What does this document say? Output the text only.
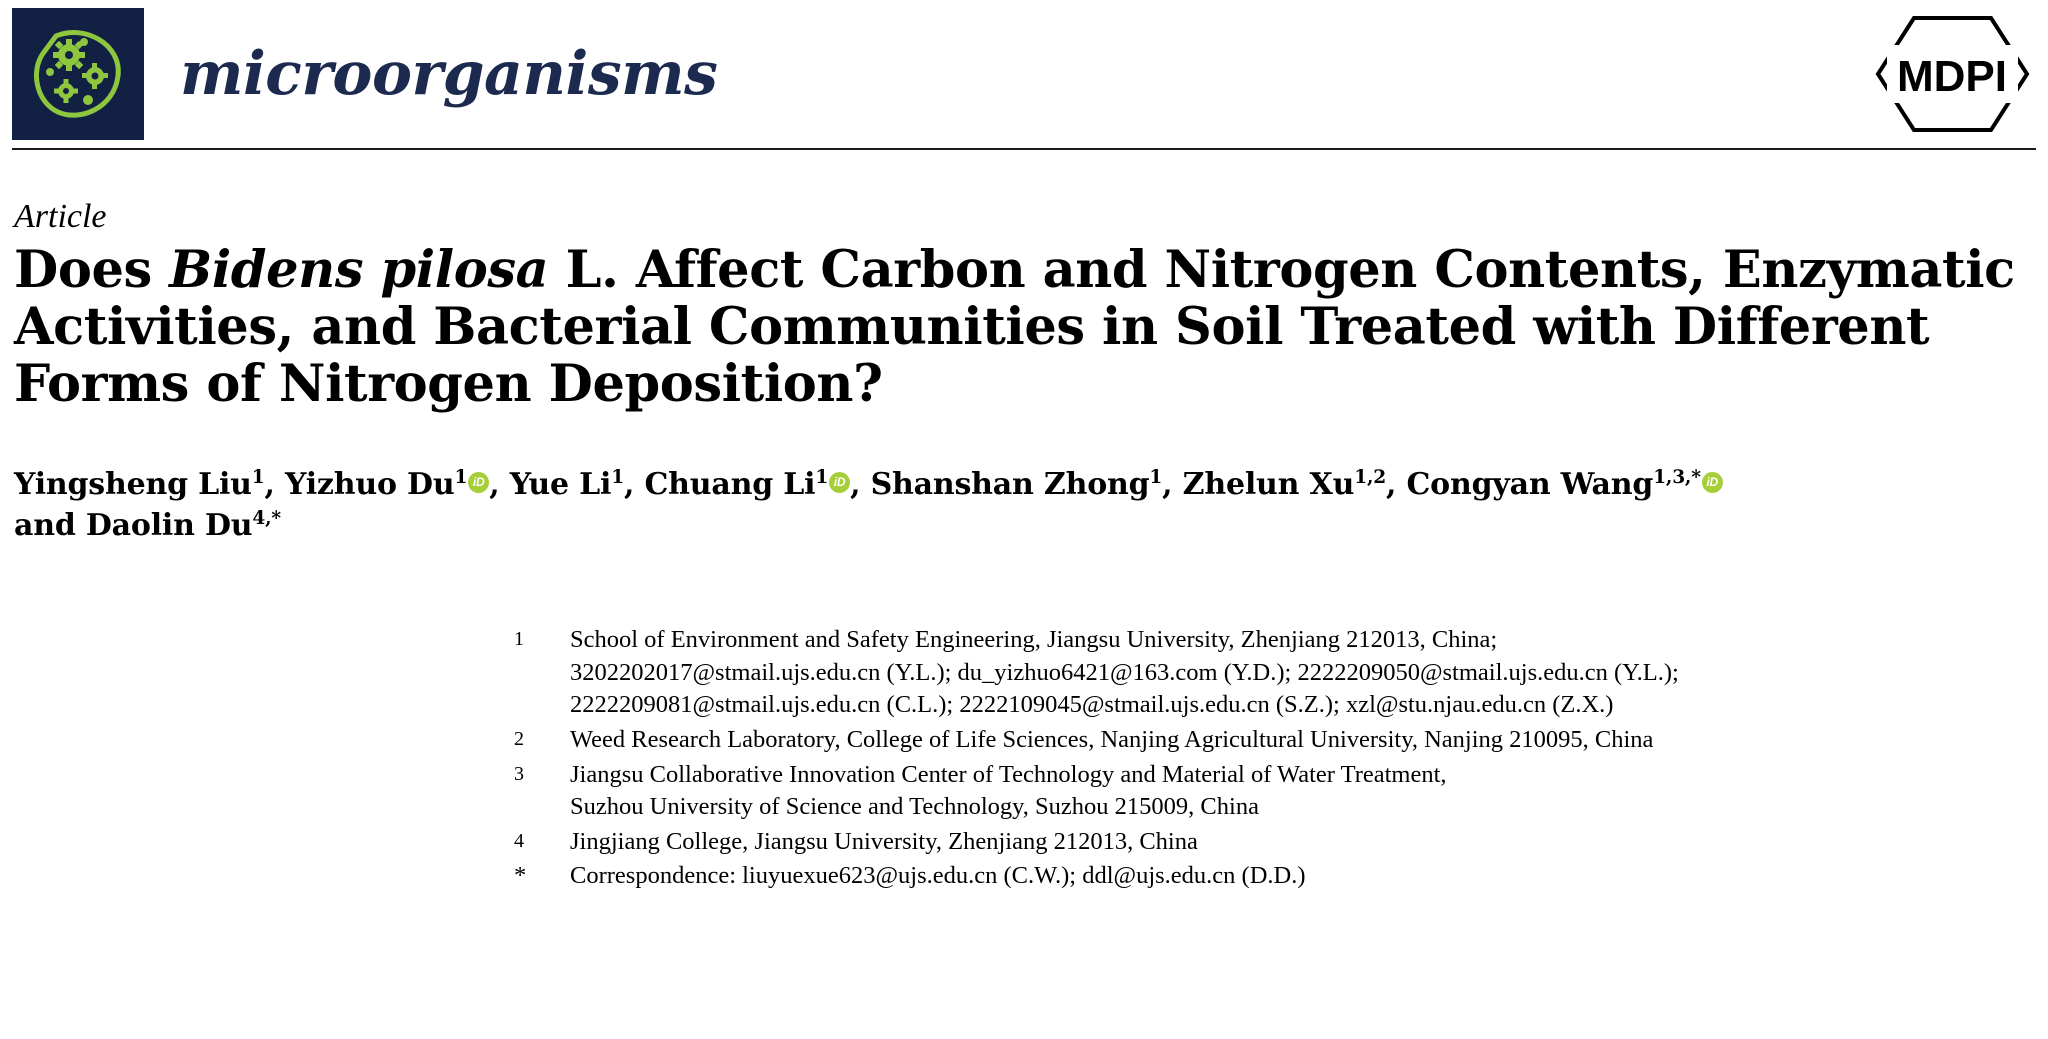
microorganisms	MDPI
Article
Does Bidens pilosa L. Affect Carbon and Nitrogen Contents, Enzymatic Activities, and Bacterial Communities in Soil Treated with Different Forms of Nitrogen Deposition?
Yingsheng Liu$^1$, Yizhuo Du$^1$ iD , Yue Li$^1$, Chuang Li$^1$ iD , Shanshan Zhong$^1$, Zhelun Xu$^{1,2}$, Congyan Wang$^{1,3,*}$ iD
and Daolin $Du^{4,*}$
1	School of Environment and Safety Engineering, Jiangsu University, Zhenjiang 212013, China;
3202202017@stmail.ujs.edu.cn (Y.L.); du_yizhuo6421@163.com (Y.D.); 2222209050@stmail.ujs.edu.cn (Y.L.);
2222209081@stmail.ujs.edu.cn (C.L.); 2222109045@stmail.ujs.edu.cn (S.Z.); xzl@stu.njau.edu.cn (Z.X.)
2	Weed Research Laboratory, College of Life Sciences, Nanjing Agricultural University, Nanjing 210095, China
3	Jiangsu Collaborative Innovation Center of Technology and Material of Water Treatment,
Suzhou University of Science and Technology, Suzhou 215009, China
4	Jingjiang College, Jiangsu University, Zhenjiang 212013, China
*	Correspondence: liuyuexue623@ujs.edu.cn (C.W.); ddl@ujs.edu.cn (D.D.)
